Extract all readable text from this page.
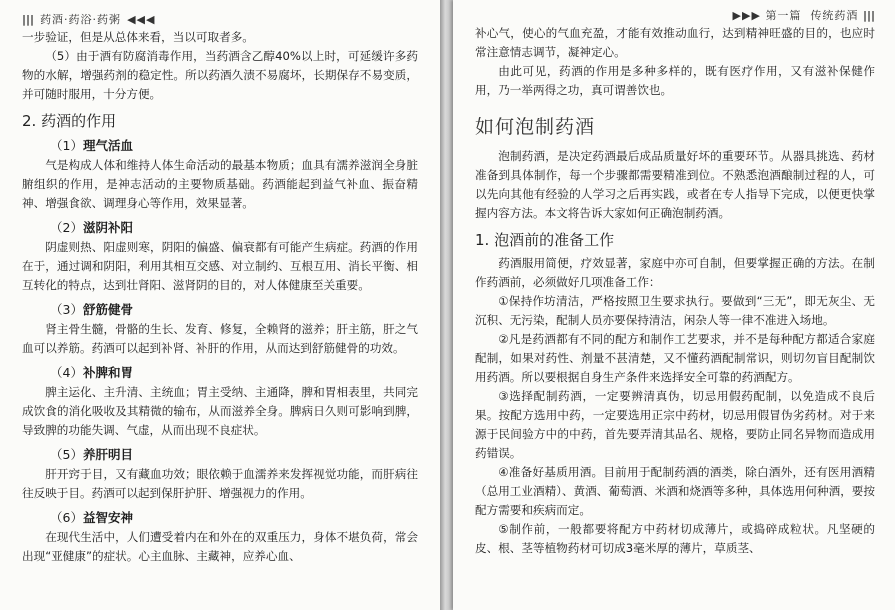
||| 药酒·药浴·药粥 ◀◀◀

一步验证，但是从总体来看，当以可取者多。

（5）由于酒有防腐消毒作用，当药酒含乙醇40%以上时，可延缓许多药物的水解，增强药剂的稳定性。所以药酒久渍不易腐坏，长期保存不易变质，并可随时服用，十分方便。

2. 药酒的作用
（1）理气活血

气是构成人体和维持人体生命活动的最基本物质；血具有濡养滋润全身脏腑组织的作用，是神志活动的主要物质基础。药酒能起到益气补血、振奋精神、增强食欲、调理身心等作用，效果显著。

（2）滋阴补阳

阴虚则热、阳虚则寒，阴阳的偏盛、偏衰都有可能产生病症。药酒的作用在于，通过调和阴阳，利用其相互交感、对立制约、互根互用、消长平衡、相互转化的特点，达到壮肾阳、滋肾阴的目的，对人体健康至关重要。

（3）舒筋健骨

肾主骨生髓，骨骼的生长、发育、修复，全赖肾的滋养；肝主筋，肝之气血可以养筋。药酒可以起到补肾、补肝的作用，从而达到舒筋健骨的功效。

（4）补脾和胃

脾主运化、主升清、主统血；胃主受纳、主通降，脾和胃相表里，共同完成饮食的消化吸收及其精微的输布，从而滋养全身。脾病日久则可影响到脾，导致脾的功能失调、气虚，从而出现不良症状。

（5）养肝明目

肝开窍于目，又有藏血功效；眼依赖于血濡养来发挥视觉功能，而肝病往往反映于目。药酒可以起到保肝护肝、增强视力的作用。

（6）益智安神

在现代生活中，人们遭受着内在和外在的双重压力，身体不堪负荷，常会出现“亚健康”的症状。心主血脉、主藏神，应养心血、

▶▶▶
第一篇
传统药酒
|||

补心气，使心的气血充盈，才能有效推动血行，达到精神旺盛的目的，也应时常注意情志调节，凝神定心。

由此可见，药酒的作用是多种多样的，既有医疗作用，又有滋补保健作用，乃一举两得之功，真可谓善饮也。

如何泡制药酒

泡制药酒，是决定药酒最后成品质量好坏的重要环节。从器具挑选、药材准备到具体制作，每一个步骤都需要精准到位。不熟悉泡酒酿制过程的人，可以先向其他有经验的人学习之后再实践，或者在专人指导下完成，以便更快掌握内容方法。本文将告诉大家如何正确泡制药酒。

1. 泡酒前的准备工作

药酒服用简便，疗效显著，家庭中亦可自制，但要掌握正确的方法。在制作药酒前，必须做好几项准备工作：

①保持作坊清洁，严格按照卫生要求执行。要做到“三无”，即无灰尘、无沉积、无污染，配制人员亦要保持清洁，闲杂人等一律不准进入场地。

②凡是药酒都有不同的配方和制作工艺要求，并不是每种配方都适合家庭配制，如果对药性、剂量不甚清楚，又不懂药酒配制常识，则切勿盲目配制饮用药酒。所以要根据自身生产条件来选择安全可靠的药酒配方。

③选择配制药酒，一定要辨清真伪，切忌用假药配制，以免造成不良后果。按配方选用中药，一定要选用正宗中药材，切忌用假冒伪劣药材。对于来源于民间验方中的中药，首先要弄清其品名、规格，要防止同名异物而造成用药错误。

④准备好基质用酒。目前用于配制药酒的酒类，除白酒外，还有医用酒精（总用工业酒精）、黄酒、葡萄酒、米酒和烧酒等多种，具体选用何种酒，要按配方需要和疾病而定。

⑤制作前，一般都要将配方中药材切成薄片，或捣碎成粒状。凡坚硬的皮、根、茎等植物药材可切成3毫米厚的薄片，草质茎、
